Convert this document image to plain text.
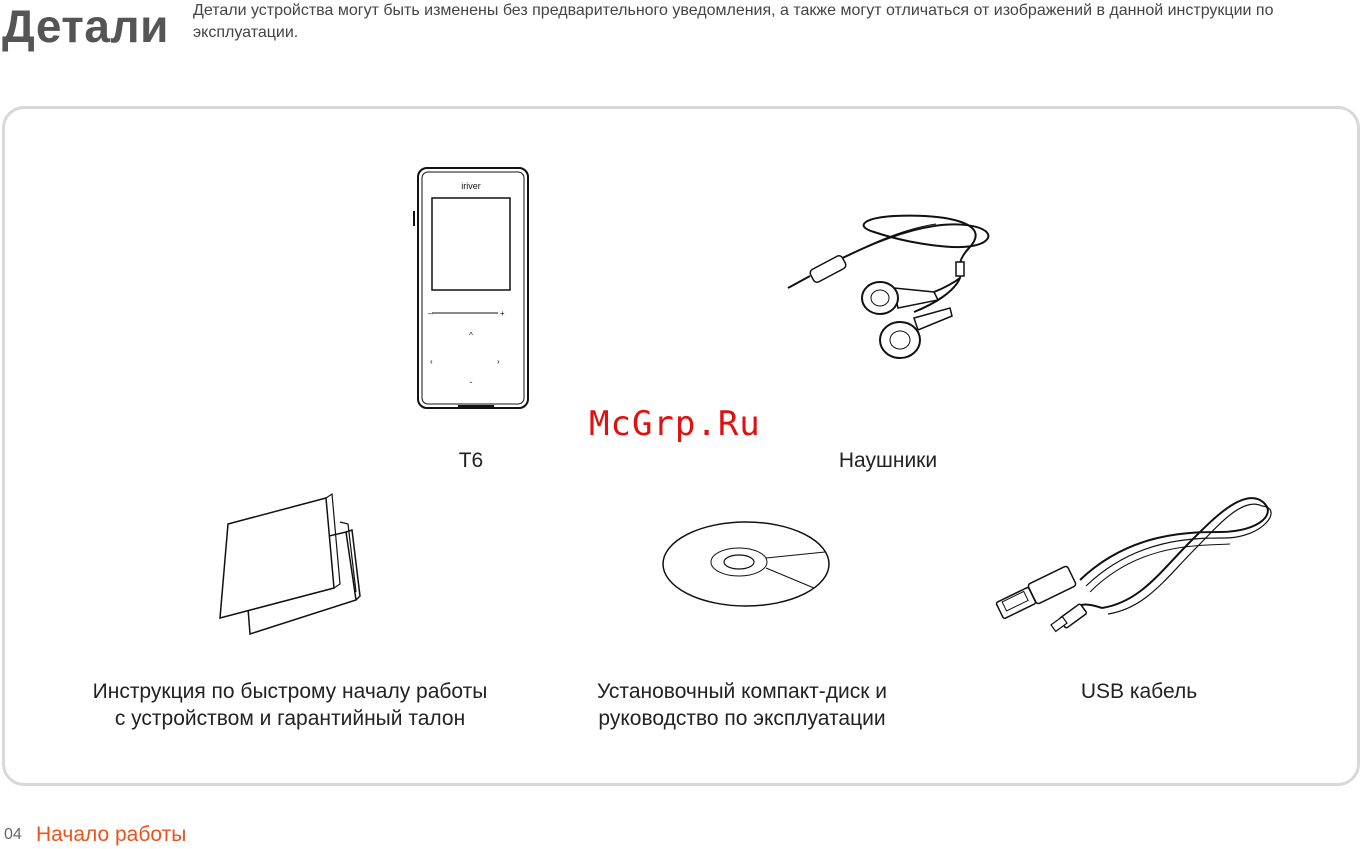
Детали Детали устройства могут быть изменены без предварительного уведомления, а также могут отличаться от изображений в данной инструкции по эксплуатации.
iriver
–	+
^
‹	›
ˇ
McGrp.Ru
T6	Наушники
Инструкция по быстрому началу работы
с устройством и гарантийный талон
Установочный компакт-диск и
руководство по эксплуатации
USB кабель
04 Начало работы
